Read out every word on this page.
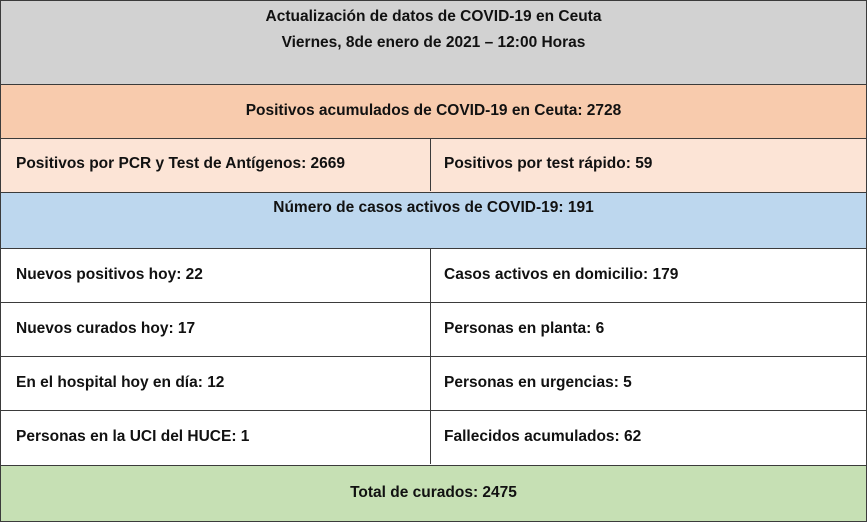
Actualización de datos de COVID-19 en Ceuta
Viernes, 8de enero de 2021 – 12:00 Horas
Positivos acumulados de COVID-19 en Ceuta: 2728
Positivos por PCR y Test de Antígenos: 2669	Positivos por test rápido: 59
Número de casos activos de COVID-19: 191
Nuevos positivos hoy: 22	Casos activos en domicilio: 179
Nuevos curados hoy: 17	Personas en planta: 6
En el hospital hoy en día: 12	Personas en urgencias: 5
Personas en la UCI del HUCE: 1	Fallecidos acumulados: 62
Total de curados: 2475
